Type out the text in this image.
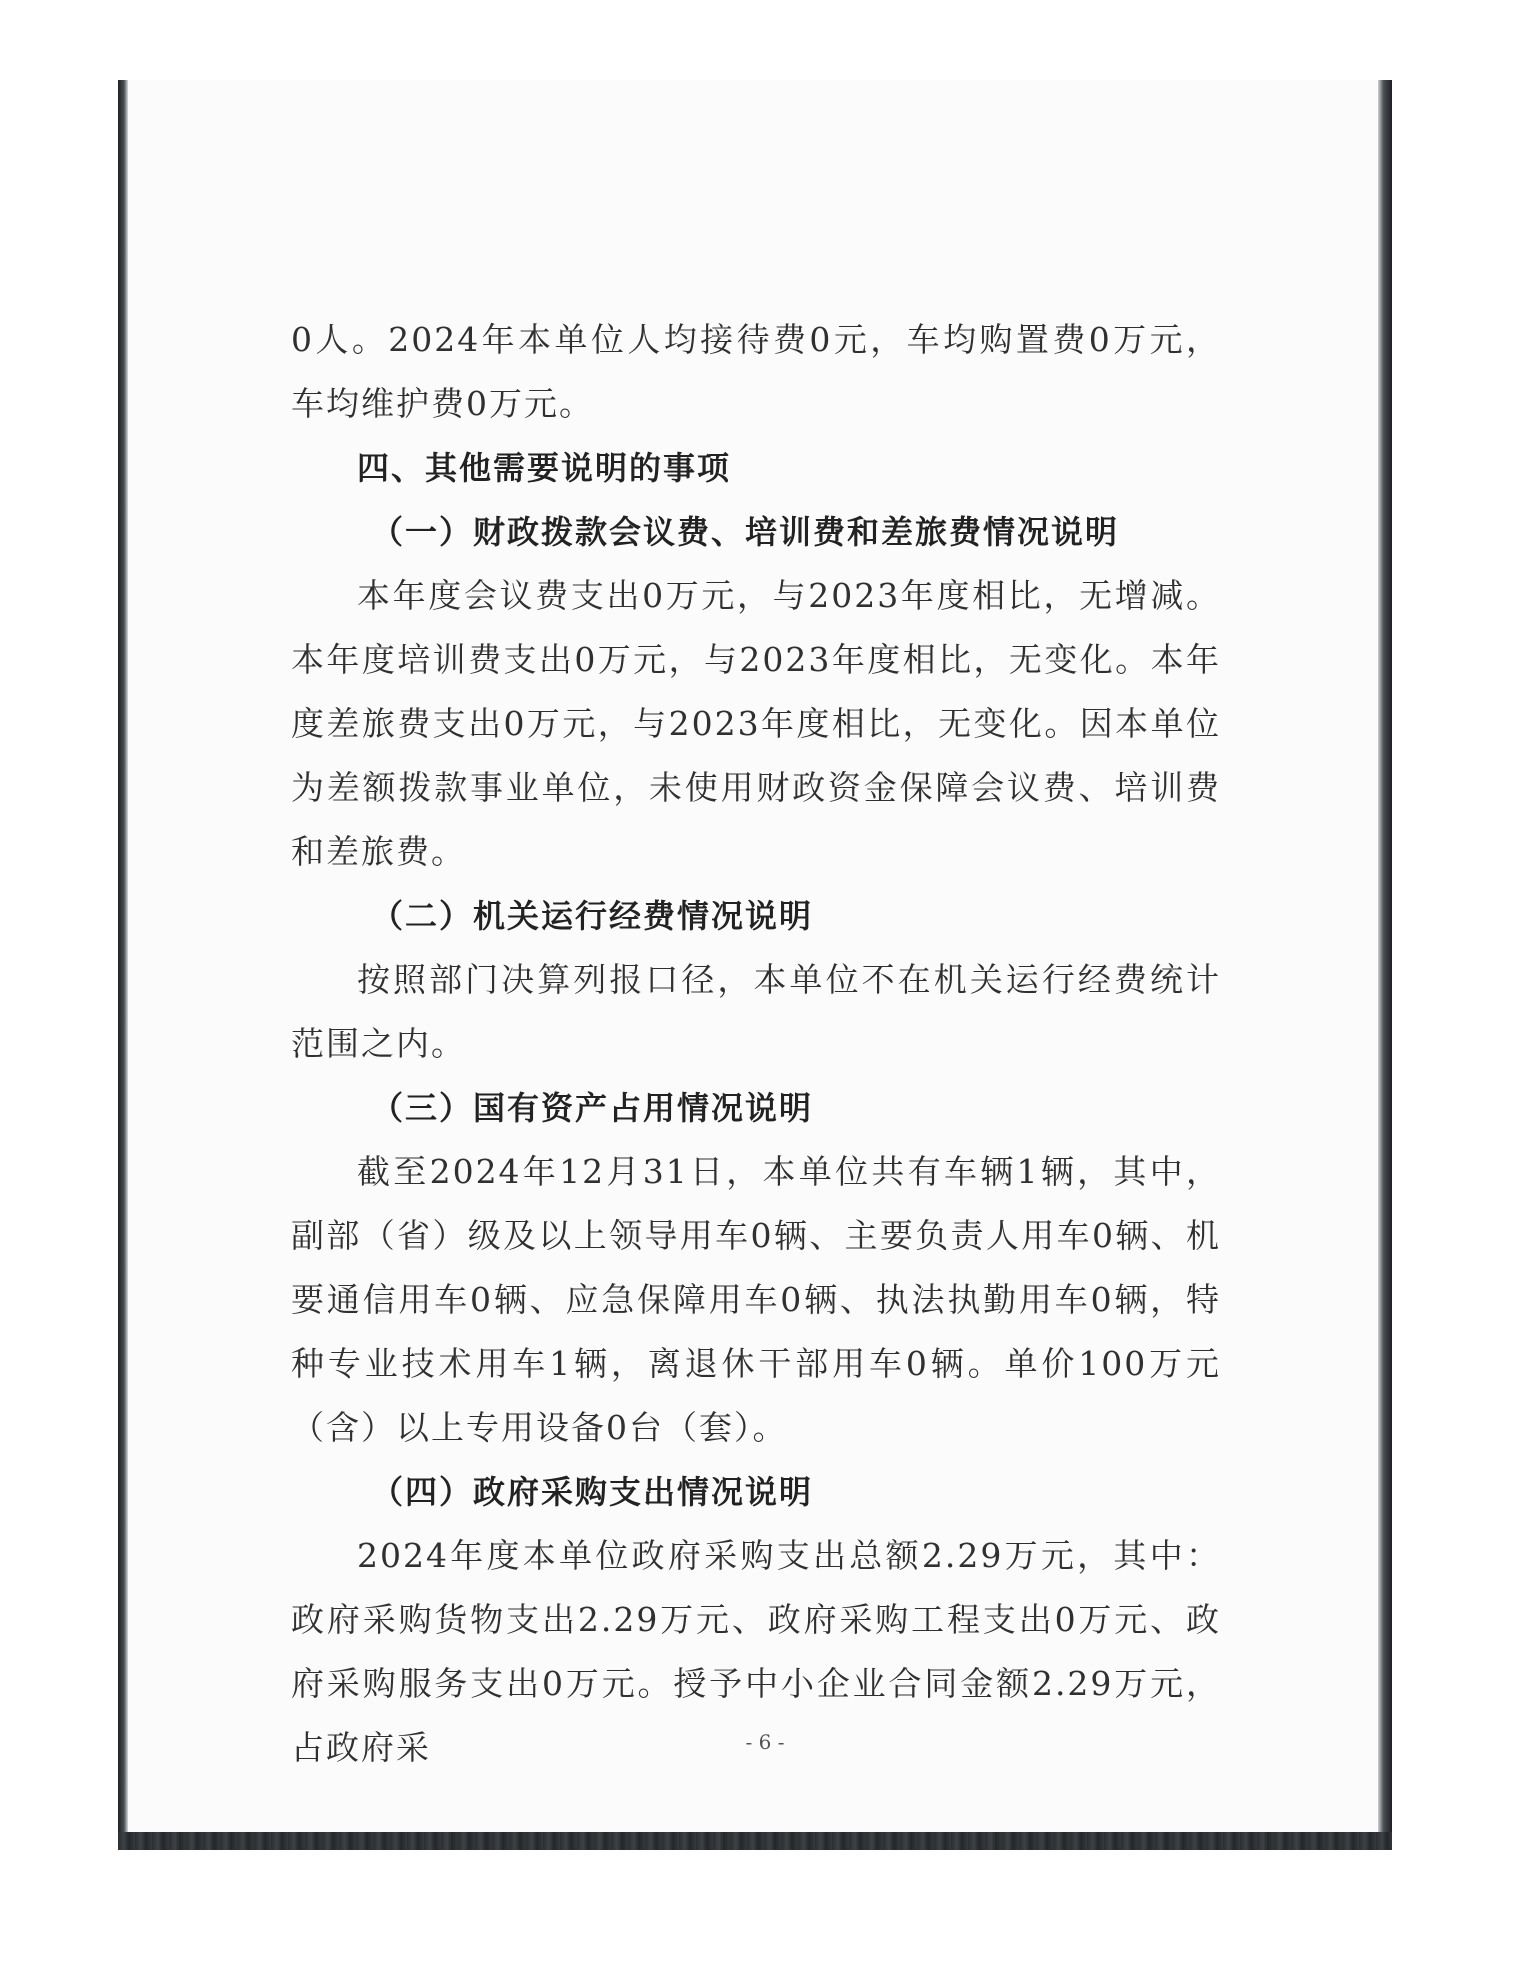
0人。2024年本单位人均接待费0元，车均购置费0万元，车均维护费0万元。

四、其他需要说明的事项

（一）财政拨款会议费、培训费和差旅费情况说明

本年度会议费支出0万元，与2023年度相比，无增减。本年度培训费支出0万元，与2023年度相比，无变化。本年度差旅费支出0万元，与2023年度相比，无变化。因本单位为差额拨款事业单位，未使用财政资金保障会议费、培训费和差旅费。

（二）机关运行经费情况说明

按照部门决算列报口径，本单位不在机关运行经费统计范围之内。

（三）国有资产占用情况说明

截至2024年12月31日，本单位共有车辆1辆，其中，副部（省）级及以上领导用车0辆、主要负责人用车0辆、机要通信用车0辆、应急保障用车0辆、执法执勤用车0辆，特种专业技术用车1辆，离退休干部用车0辆。单价100万元（含）以上专用设备0台（套）。

（四）政府采购支出情况说明

2024年度本单位政府采购支出总额2.29万元，其中：政府采购货物支出2.29万元、政府采购工程支出0万元、政府采购服务支出0万元。授予中小企业合同金额2.29万元，占政府采	- 6 -
